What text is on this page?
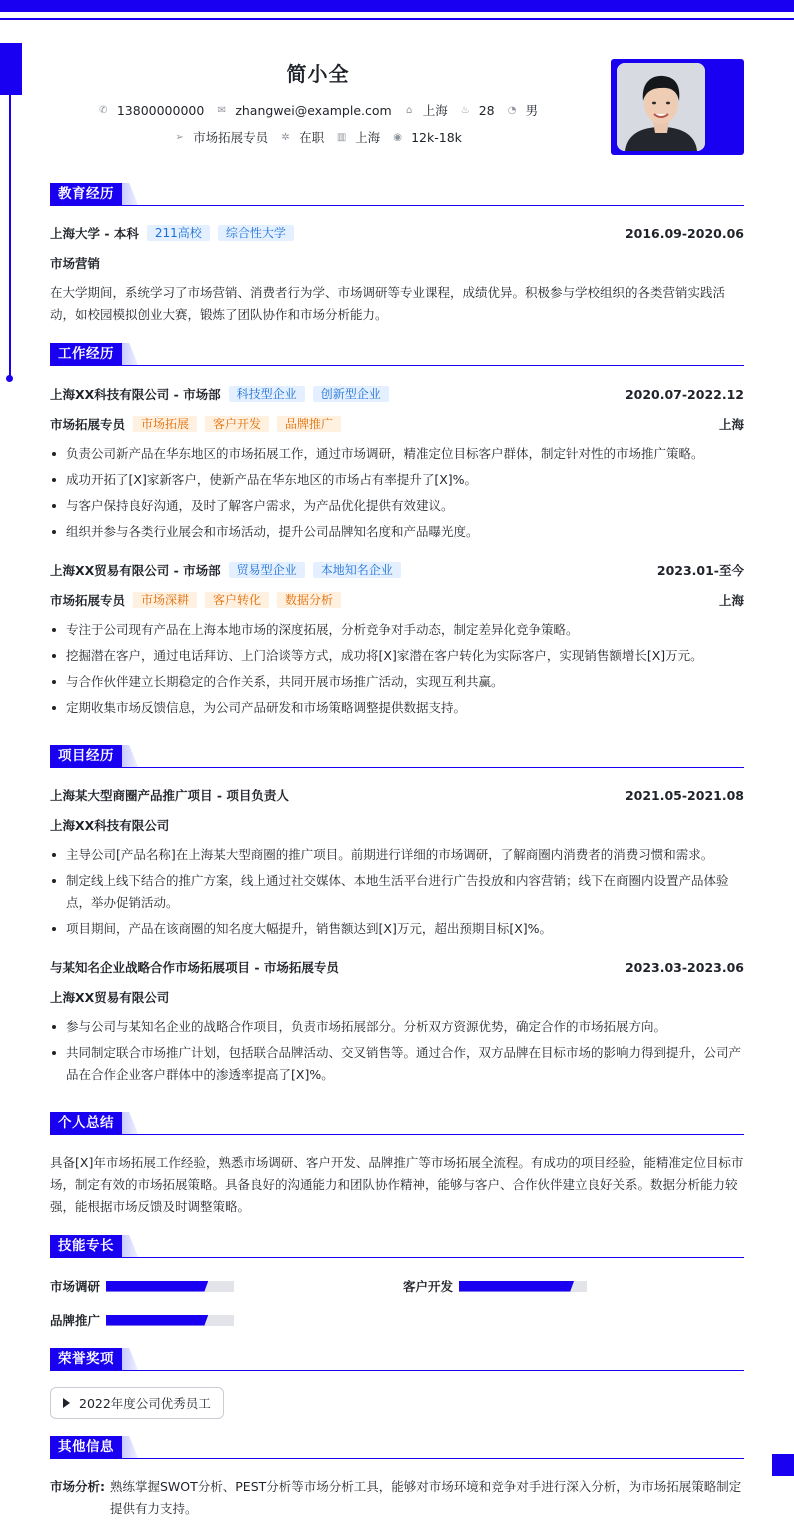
简小全
✆ 13800000000 ✉ zhangwei@example.com ⌂ 上海 ♨ 28 ◔ 男
➢ 市场拓展专员 ✲ 在职 ▥ 上海 ◉ 12k-18k
教育经历
上海大学 - 本科	211高校	综合性大学	2016.09-2020.06
市场营销
在大学期间，系统学习了市场营销、消费者行为学、市场调研等专业课程，成绩优异。积极参与学校组织的各类营销实践活动，如校园模拟创业大赛，锻炼了团队协作和市场分析能力。
工作经历
上海XX科技有限公司 - 市场部	科技型企业	创新型企业	2020.07-2022.12
市场拓展专员	市场拓展	客户开发	品牌推广	上海
负责公司新产品在华东地区的市场拓展工作，通过市场调研，精准定位目标客户群体，制定针对性的市场推广策略。
成功开拓了[X]家新客户，使新产品在华东地区的市场占有率提升了[X]%。
与客户保持良好沟通，及时了解客户需求，为产品优化提供有效建议。
组织并参与各类行业展会和市场活动，提升公司品牌知名度和产品曝光度。
上海XX贸易有限公司 - 市场部	贸易型企业	本地知名企业	2023.01-至今
市场拓展专员	市场深耕	客户转化	数据分析	上海
专注于公司现有产品在上海本地市场的深度拓展，分析竞争对手动态，制定差异化竞争策略。
挖掘潜在客户，通过电话拜访、上门洽谈等方式，成功将[X]家潜在客户转化为实际客户，实现销售额增长[X]万元。
与合作伙伴建立长期稳定的合作关系，共同开展市场推广活动，实现互利共赢。
定期收集市场反馈信息，为公司产品研发和市场策略调整提供数据支持。
项目经历
上海某大型商圈产品推广项目 - 项目负责人	2021.05-2021.08
上海XX科技有限公司
主导公司[产品名称]在上海某大型商圈的推广项目。前期进行详细的市场调研，了解商圈内消费者的消费习惯和需求。
制定线上线下结合的推广方案，线上通过社交媒体、本地生活平台进行广告投放和内容营销；线下在商圈内设置产品体验点，举办促销活动。
项目期间，产品在该商圈的知名度大幅提升，销售额达到[X]万元，超出预期目标[X]%。
与某知名企业战略合作市场拓展项目 - 市场拓展专员	2023.03-2023.06
上海XX贸易有限公司
参与公司与某知名企业的战略合作项目，负责市场拓展部分。分析双方资源优势，确定合作的市场拓展方向。
共同制定联合市场推广计划，包括联合品牌活动、交叉销售等。通过合作，双方品牌在目标市场的影响力得到提升，公司产品在合作企业客户群体中的渗透率提高了[X]%。
个人总结
具备[X]年市场拓展工作经验，熟悉市场调研、客户开发、品牌推广等市场拓展全流程。有成功的项目经验，能精准定位目标市场，制定有效的市场拓展策略。具备良好的沟通能力和团队协作精神，能够与客户、合作伙伴建立良好关系。数据分析能力较强，能根据市场反馈及时调整策略。
技能专长
市场调研	客户开发
品牌推广
荣誉奖项
2022年度公司优秀员工
其他信息
市场分析: 熟练掌握SWOT分析、PEST分析等市场分析工具，能够对市场环境和竞争对手进行深入分析，为市场拓展策略制定提供有力支持。
